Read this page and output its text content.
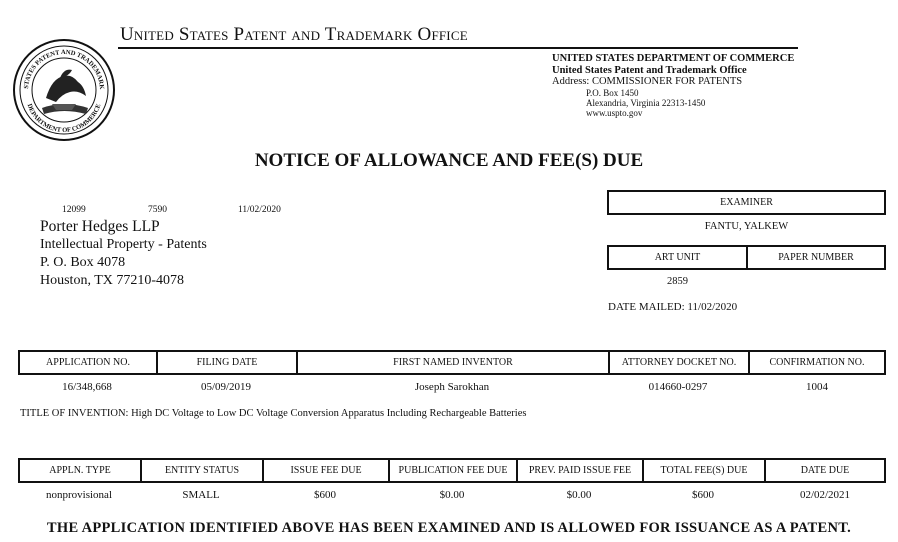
STATES PATENT AND TRADEMARK
DEPARTMENT OF COMMERCE
United States Patent and Trademark Office
UNITED STATES DEPARTMENT OF COMMERCE
United States Patent and Trademark Office
Address: COMMISSIONER FOR PATENTS
P.O. Box 1450
Alexandria, Virginia 22313-1450
www.uspto.gov
NOTICE OF ALLOWANCE AND FEE(S) DUE
12099	7590	11/02/2020
Porter Hedges LLP
Intellectual Property - Patents
P. O. Box 4078
Houston, TX 77210-4078
EXAMINER
FANTU, YALKEW
ART UNIT	PAPER NUMBER
2859
DATE MAILED: 11/02/2020
APPLICATION NO.	FILING DATE	FIRST NAMED INVENTOR	ATTORNEY DOCKET NO.	CONFIRMATION NO.
16/348,668	05/09/2019	Joseph Sarokhan	014660-0297	1004
TITLE OF INVENTION: High DC Voltage to Low DC Voltage Conversion Apparatus Including Rechargeable Batteries
APPLN. TYPE	ENTITY STATUS	ISSUE FEE DUE	PUBLICATION FEE DUE	PREV. PAID ISSUE FEE	TOTAL FEE(S) DUE	DATE DUE
nonprovisional	SMALL	$600	$0.00	$0.00	$600	02/02/2021
THE APPLICATION IDENTIFIED ABOVE HAS BEEN EXAMINED AND IS ALLOWED FOR ISSUANCE AS A PATENT.
